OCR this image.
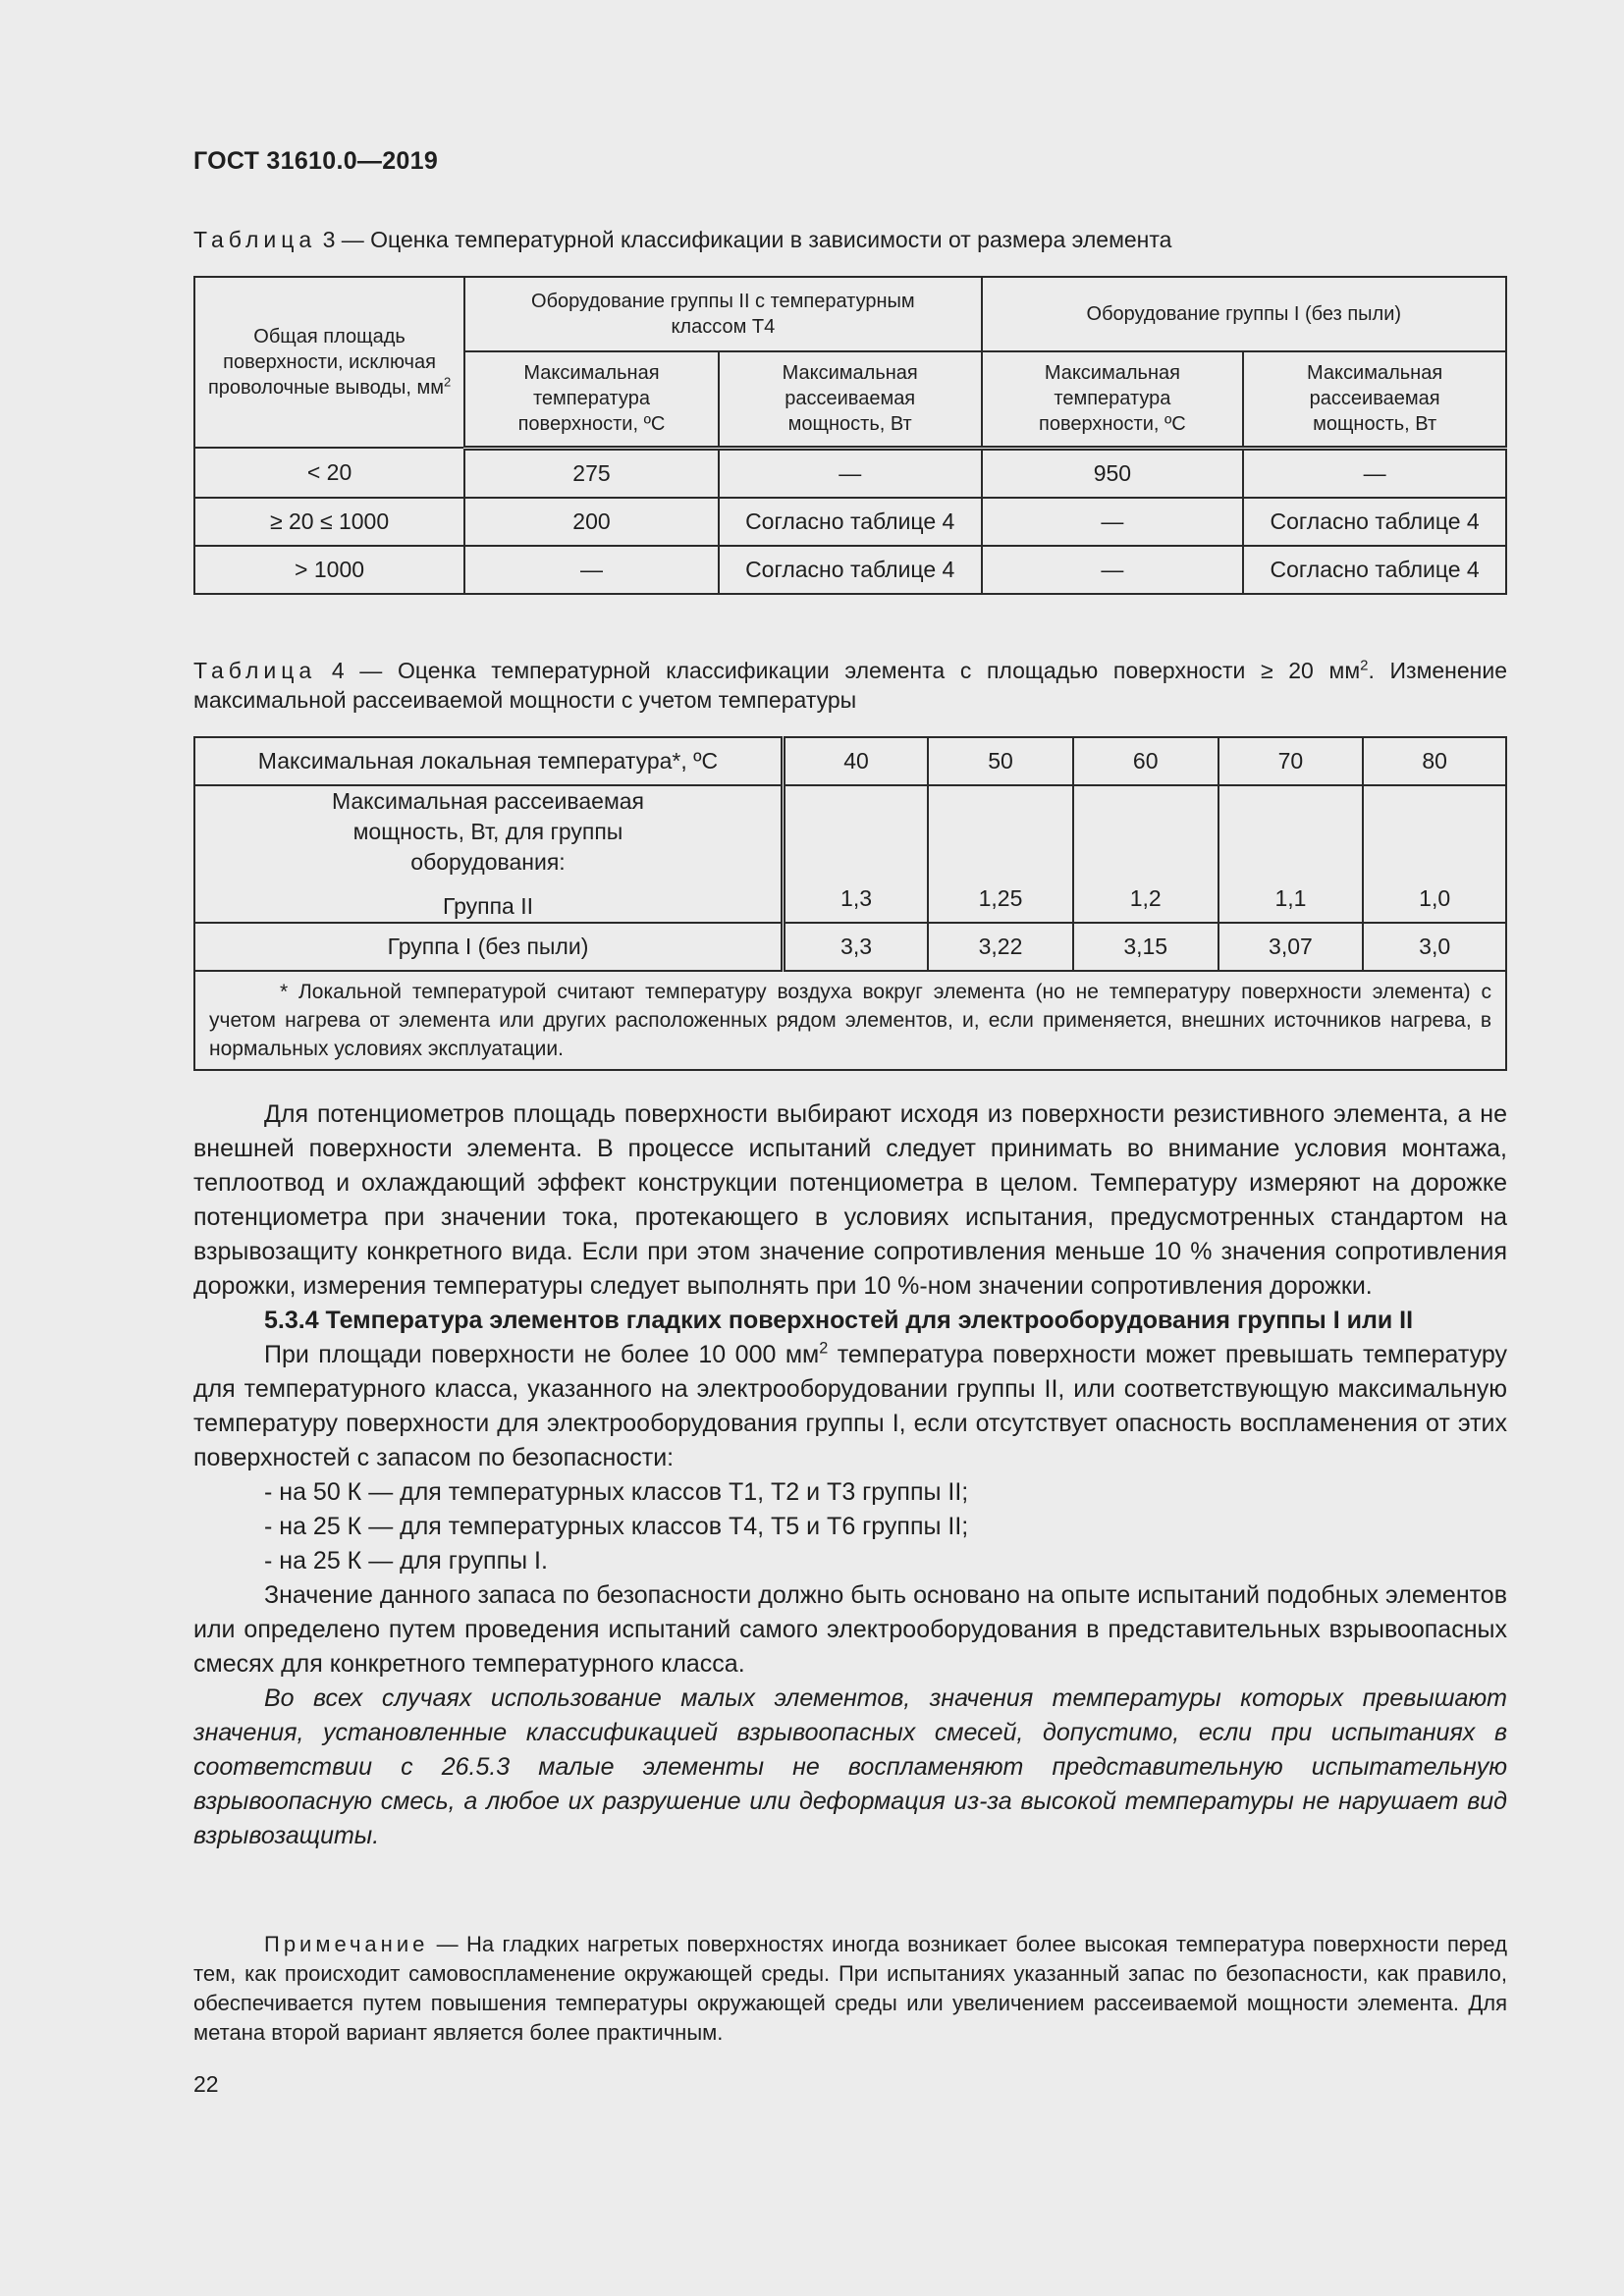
ГОСТ 31610.0—2019
Таблица 3 — Оценка температурной классификации в зависимости от размера элемента
Общая площадь поверхности, исключая проволочные выводы, $мм^2$	Оборудование группы II с температурным классом Т4		Оборудование группы I (без пыли)	
	Максимальная температура поверхности, ºС	Максимальная рассеиваемая мощность, Вт	Максимальная температура поверхности, ºС	Максимальная рассеиваемая мощность, Вт
< 20	275	—	950	—
≥ 20 ≤ 1000	200	Согласно таблице 4	—	Согласно таблице 4
> 1000	—	Согласно таблице 4	—	Согласно таблице 4
Таблица 4 — Оценка температурной классификации элемента с площадью поверхности ≥ 20 $мм^2$. Изменение максимальной рассеиваемой мощности с учетом температуры
Максимальная локальная температура*, ºС	40	50	60	70	80

Максимальная рассеиваемая мощность, Вт, для группы оборудования:
Группа II	1,3	1,25	1,2	1,1	1,0
Группа I (без пыли)	3,3	3,22	3,15	3,07	3,0

* Локальной температурой считают температуру воздуха вокруг элемента (но не температуру поверхности элемента) с учетом нагрева от элемента или других расположенных рядом элементов, и, если применяется, внешних источников нагрева, в нормальных условиях эксплуатации.					

Для потенциометров площадь поверхности выбирают исходя из поверхности резистивного элемента, а не внешней поверхности элемента. В процессе испытаний следует принимать во внимание условия монтажа, теплоотвод и охлаждающий эффект конструкции потенциометра в целом. Температуру измеряют на дорожке потенциометра при значении тока, протекающего в условиях испытания, предусмотренных стандартом на взрывозащиту конкретного вида. Если при этом значение сопротивления меньше 10 % значения сопротивления дорожки, измерения температуры следует выполнять при 10 %-ном значении сопротивления дорожки.

5.3.4 Температура элементов гладких поверхностей для электрооборудования группы I или II

При площади поверхности не более 10 000 $мм^2$ температура поверхности может превышать температуру для температурного класса, указанного на электрооборудовании группы II, или соответствующую максимальную температуру поверхности для электрооборудования группы I, если отсутствует опасность воспламенения от этих поверхностей с запасом по безопасности:

- на 50 К — для температурных классов Т1, Т2 и Т3 группы II;

- на 25 К — для температурных классов Т4, Т5 и Т6 группы II;

- на 25 К — для группы I.

Значение данного запаса по безопасности должно быть основано на опыте испытаний подобных элементов или определено путем проведения испытаний самого электрооборудования в представительных взрывоопасных смесях для конкретного температурного класса.

Во всех случаях использование малых элементов, значения температуры которых превышают значения, установленные классификацией взрывоопасных смесей, допустимо, если при испытаниях в соответствии с 26.5.3 малые элементы не воспламеняют представительную испытательную взрывоопасную смесь, а любое их разрушение или деформация из-за высокой температуры не нарушает вид взрывозащиты.

Примечание — На гладких нагретых поверхностях иногда возникает более высокая температура поверхности перед тем, как происходит самовоспламенение окружающей среды. При испытаниях указанный запас по безопасности, как правило, обеспечивается путем повышения температуры окружающей среды или увеличением рассеиваемой мощности элемента. Для метана второй вариант является более практичным.

22
